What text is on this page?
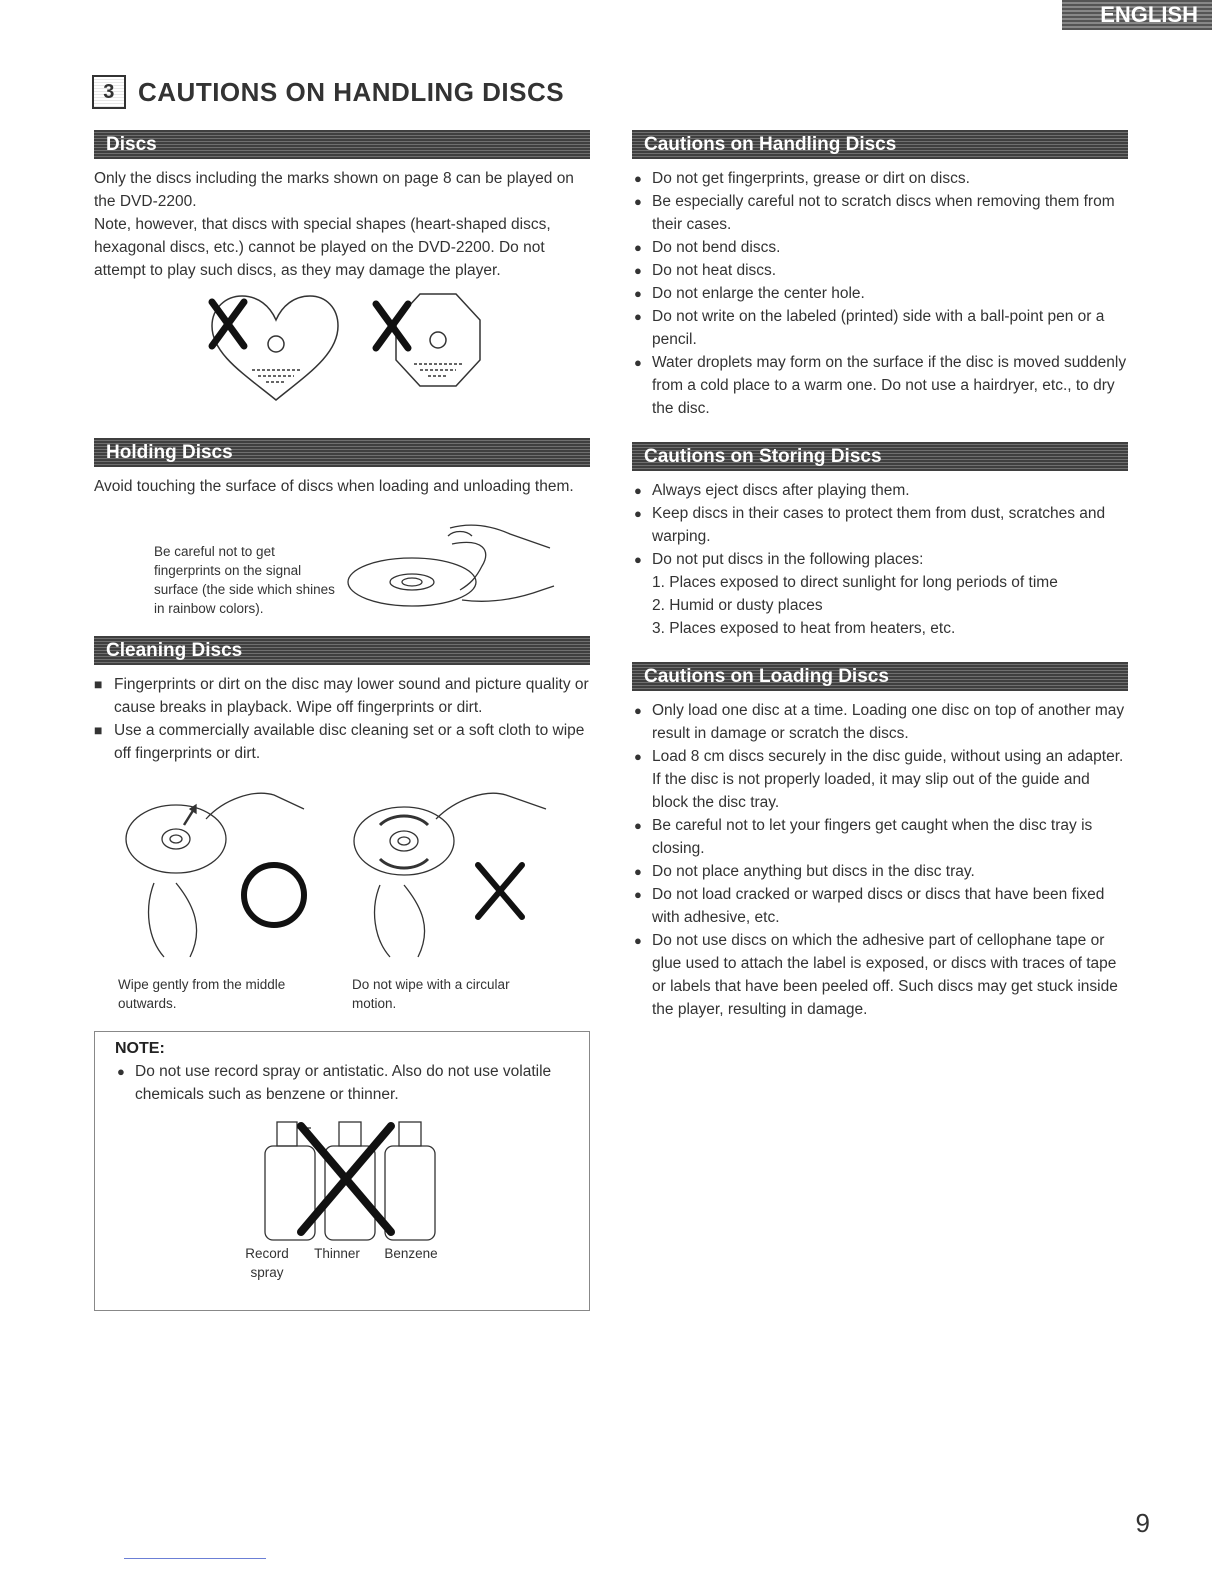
ENGLISH
3 CAUTIONS ON HANDLING DISCS
Discs

Only the discs including the marks shown on page 8 can be played on the DVD-2200.

Note, however, that discs with special shapes (heart-shaped discs, hexagonal discs, etc.) cannot be played on the DVD-2200. Do not attempt to play such discs, as they may damage the player.

Holding Discs

Avoid touching the surface of discs when loading and unloading them.

Be careful not to get fingerprints on the signal surface (the side which shines in rainbow colors).
Cleaning Discs
■ Fingerprints or dirt on the disc may lower sound and picture quality or cause breaks in playback. Wipe off fingerprints or dirt.
■ Use a commercially available disc cleaning set or a soft cloth to wipe off fingerprints or dirt.
Wipe gently from the middle outwards.
Do not wipe with a circular motion.
NOTE:
● Do not use record spray or antistatic. Also do not use volatile chemicals such as benzene or thinner.
Record spray
Thinner Benzene
Cautions on Handling Discs
● Do not get fingerprints, grease or dirt on discs.
● Be especially careful not to scratch discs when removing them from their cases.
● Do not bend discs.
● Do not heat discs.
● Do not enlarge the center hole.
● Do not write on the labeled (printed) side with a ball-point pen or a pencil.
● Water droplets may form on the surface if the disc is moved suddenly from a cold place to a warm one. Do not use a hairdryer, etc., to dry the disc.
Cautions on Storing Discs
● Always eject discs after playing them.
● Keep discs in their cases to protect them from dust, scratches and warping.
● Do not put discs in the following places:
1. Places exposed to direct sunlight for long periods of time
2. Humid or dusty places
3. Places exposed to heat from heaters, etc.
Cautions on Loading Discs
● Only load one disc at a time. Loading one disc on top of another may result in damage or scratch the discs.
● Load 8 cm discs securely in the disc guide, without using an adapter. If the disc is not properly loaded, it may slip out of the guide and block the disc tray.
● Be careful not to let your fingers get caught when the disc tray is closing.
● Do not place anything but discs in the disc tray.
● Do not load cracked or warped discs or discs that have been fixed with adhesive, etc.
● Do not use discs on which the adhesive part of cellophane tape or glue used to attach the label is exposed, or discs with traces of tape or labels that have been peeled off. Such discs may get stuck inside the player, resulting in damage.
9
